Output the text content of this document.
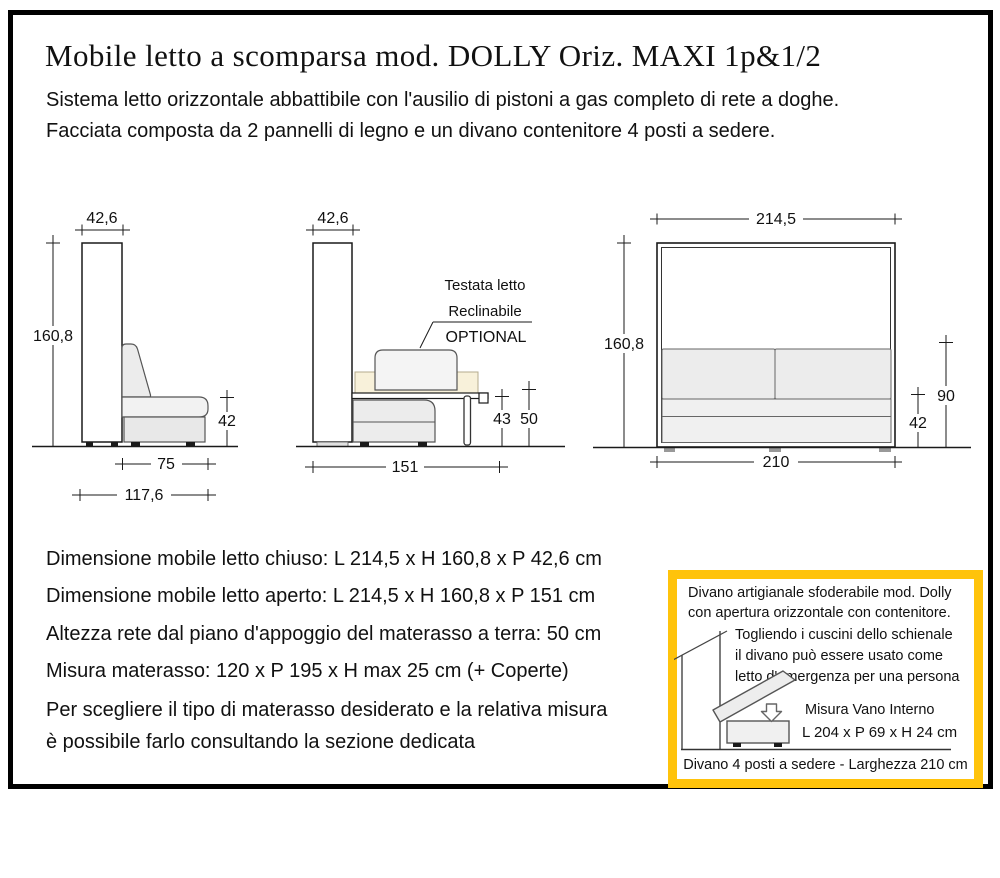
Mobile letto a scomparsa mod. DOLLY Oriz. MAXI 1p&1/2
Sistema letto orizzontale abbattibile con l'ausilio di pistoni a gas completo di rete a doghe.
Facciata composta da 2 pannelli di legno e un divano contenitore 4 posti a sedere.
42,6
160,8
42
75
117,6
42,6
43 50
151
Testata letto
Reclinabile
OPTIONAL
214,5
160,8
90
42
210
Dimensione mobile letto chiuso: L 214,5 x H 160,8 x P 42,6 cm
Dimensione mobile letto aperto: L 214,5 x H 160,8 x P 151 cm
Altezza rete dal piano d'appoggio del materasso a terra: 50 cm
Misura materasso: 120 x P 195 x H max 25 cm (+ Coperte)
Per scegliere il tipo di materasso desiderato e la relativa misura
è possibile farlo consultando la sezione dedicata
Divano artigianale sfoderabile mod. Dolly
con apertura orizzontale con contenitore.
Togliendo i cuscini dello schienale
il divano può essere usato come
letto d'emergenza per una persona
Misura Vano Interno
L 204 x P 69 x H 24 cm
Divano 4 posti a sedere - Larghezza 210 cm
